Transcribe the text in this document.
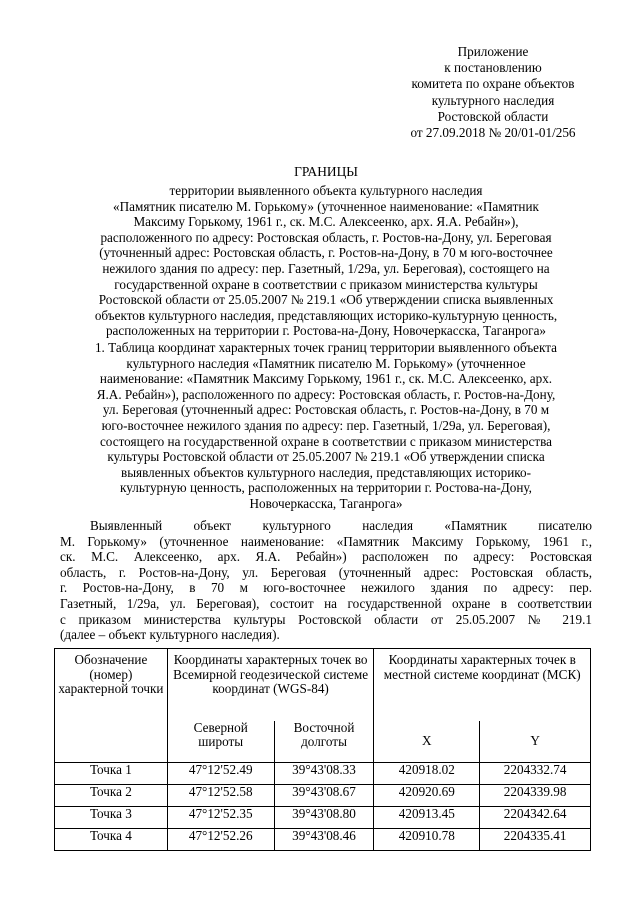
Приложение
к постановлению
комитета по охране объектов
культурного наследия
Ростовской области
от 27.09.2018 № 20/01-01/256
ГРАНИЦЫ
территории выявленного объекта культурного наследия
«Памятник писателю М. Горькому» (уточненное наименование: «Памятник
Максиму Горькому, 1961 г., ск. М.С. Алексеенко, арх. Я.А. Ребайн»),
расположенного по адресу: Ростовская область, г. Ростов-на-Дону, ул. Береговая
(уточненный адрес: Ростовская область, г. Ростов-на-Дону, в 70 м юго-восточнее
нежилого здания по адресу: пер. Газетный, 1/29а, ул. Береговая), состоящего на
государственной охране в соответствии с приказом министерства культуры
Ростовской области от 25.05.2007 № 219.1 «Об утверждении списка выявленных
объектов культурного наследия, представляющих историко-культурную ценность,
расположенных на территории г. Ростова-на-Дону, Новочеркасска, Таганрога»
1. Таблица координат характерных точек границ территории выявленного объекта
культурного наследия «Памятник писателю М. Горькому» (уточненное
наименование: «Памятник Максиму Горькому, 1961 г., ск. М.С. Алексеенко, арх.
Я.А. Ребайн»), расположенного по адресу: Ростовская область, г. Ростов-на-Дону,
ул. Береговая (уточненный адрес: Ростовская область, г. Ростов-на-Дону, в 70 м
юго-восточнее нежилого здания по адресу: пер. Газетный, 1/29а, ул. Береговая),
состоящего на государственной охране в соответствии с приказом министерства
культуры Ростовской области от 25.05.2007 № 219.1 «Об утверждении списка
выявленных объектов культурного наследия, представляющих историко-
культурную ценность, расположенных на территории г. Ростова-на-Дону,
Новочеркасска, Таганрога»
Выявленный объект культурного наследия «Памятник писателю
М. Горькому» (уточненное наименование: «Памятник Максиму Горькому, 1961 г.,
ск. М.С. Алексеенко, арх. Я.А. Ребайн») расположен по адресу: Ростовская
область, г. Ростов-на-Дону, ул. Береговая (уточненный адрес: Ростовская область,
г. Ростов-на-Дону, в 70 м юго-восточнее нежилого здания по адресу: пер.
Газетный, 1/29а, ул. Береговая), состоит на государственной охране в соответствии
с приказом министерства культуры Ростовской области от 25.05.2007 № 219.1
(далее – объект культурного наследия).
Обозначение (номер) характерной точки	Координаты характерных точек во Всемирной геодезической системе координат (WGS-84)		Координаты характерных точек в местной системе координат (МСК)	
	Северной широты	Восточной долготы	X	Y
Точка 1	47°12'52.49	39°43'08.33	420918.02	2204332.74
Точка 2	47°12'52.58	39°43'08.67	420920.69	2204339.98
Точка 3	47°12'52.35	39°43'08.80	420913.45	2204342.64
Точка 4	47°12'52.26	39°43'08.46	420910.78	2204335.41
